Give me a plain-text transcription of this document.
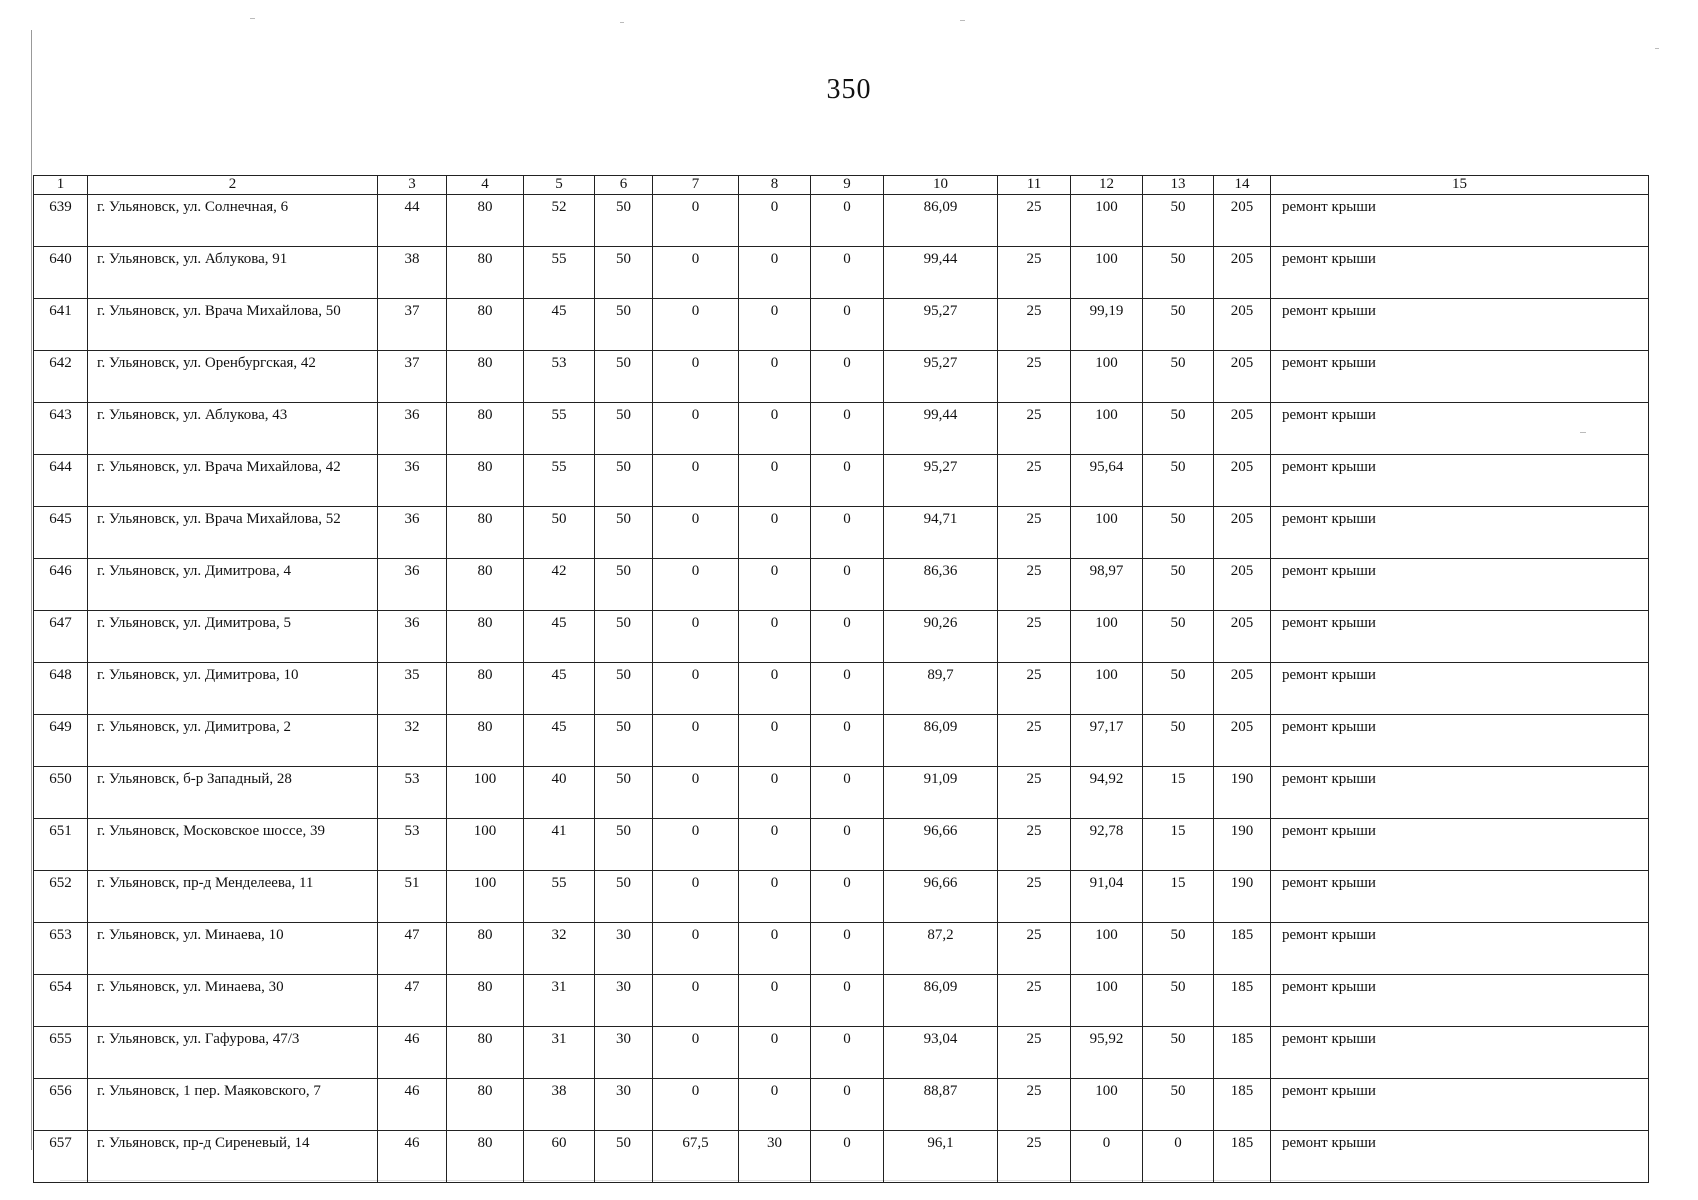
350
1	2	3	4	5	6	7	8	9	10	11	12	13	14	15
639	г. Ульяновск, ул. Солнечная, 6	44	80	52	50	0	0	0	86,09	25	100	50	205	ремонт крыши
640	г. Ульяновск, ул. Аблукова, 91	38	80	55	50	0	0	0	99,44	25	100	50	205	ремонт крыши
641	г. Ульяновск, ул. Врача Михайлова, 50	37	80	45	50	0	0	0	95,27	25	99,19	50	205	ремонт крыши
642	г. Ульяновск, ул. Оренбургская, 42	37	80	53	50	0	0	0	95,27	25	100	50	205	ремонт крыши
643	г. Ульяновск, ул. Аблукова, 43	36	80	55	50	0	0	0	99,44	25	100	50	205	ремонт крыши
644	г. Ульяновск, ул. Врача Михайлова, 42	36	80	55	50	0	0	0	95,27	25	95,64	50	205	ремонт крыши
645	г. Ульяновск, ул. Врача Михайлова, 52	36	80	50	50	0	0	0	94,71	25	100	50	205	ремонт крыши
646	г. Ульяновск, ул. Димитрова, 4	36	80	42	50	0	0	0	86,36	25	98,97	50	205	ремонт крыши
647	г. Ульяновск, ул. Димитрова, 5	36	80	45	50	0	0	0	90,26	25	100	50	205	ремонт крыши
648	г. Ульяновск, ул. Димитрова, 10	35	80	45	50	0	0	0	89,7	25	100	50	205	ремонт крыши
649	г. Ульяновск, ул. Димитрова, 2	32	80	45	50	0	0	0	86,09	25	97,17	50	205	ремонт крыши
650	г. Ульяновск, б-р Западный, 28	53	100	40	50	0	0	0	91,09	25	94,92	15	190	ремонт крыши
651	г. Ульяновск, Московское шоссе, 39	53	100	41	50	0	0	0	96,66	25	92,78	15	190	ремонт крыши
652	г. Ульяновск, пр-д Менделеева, 11	51	100	55	50	0	0	0	96,66	25	91,04	15	190	ремонт крыши
653	г. Ульяновск, ул. Минаева, 10	47	80	32	30	0	0	0	87,2	25	100	50	185	ремонт крыши
654	г. Ульяновск, ул. Минаева, 30	47	80	31	30	0	0	0	86,09	25	100	50	185	ремонт крыши
655	г. Ульяновск, ул. Гафурова, 47/3	46	80	31	30	0	0	0	93,04	25	95,92	50	185	ремонт крыши
656	г. Ульяновск, 1 пер. Маяковского, 7	46	80	38	30	0	0	0	88,87	25	100	50	185	ремонт крыши
657	г. Ульяновск, пр-д Сиреневый, 14	46	80	60	50	67,5	30	0	96,1	25	0	0	185	ремонт крыши
